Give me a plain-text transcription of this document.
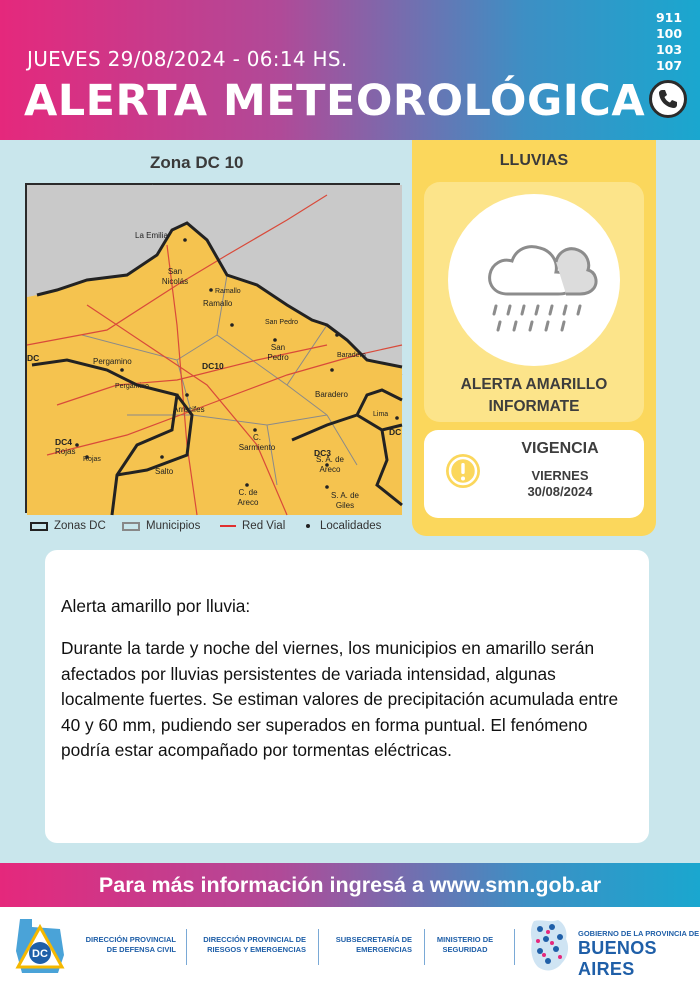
JUEVES 29/08/2024 - 06:14 HS.
ALERTA METEOROLÓGICA
911
100
103
107
Zona DC 10
La Emilia
San Nicolás
Ramallo
Ramallo
San Pedro
San Pedro
Pergamino
Pergamino
DC10
Baradero
Baradero
Arrecifes
C. Sarmiento
Lima
DC
DC4
Rojas
Rojas
Salto
DC3
S. A. de Areco
C. de Areco
S. A. de Giles
DC
Zonas DC	Municipios	Red Vial	Localidades
LLUVIAS
ALERTA AMARILLO
INFORMATE
VIGENCIA
VIERNES
30/08/2024

Alerta amarillo por lluvia:

Durante la tarde y noche del viernes, los municipios en amarillo serán afectados por lluvias persistentes de variada intensidad, algunas localmente fuertes. Se estiman valores de precipitación acumulada entre 40 y 60 mm, pudiendo ser superados en forma puntual. El fenómeno podría estar acompañado por tormentas eléctricas.

Para más información ingresá a www.smn.gob.ar
DC
DIRECCIÓN PROVINCIAL
DE DEFENSA CIVIL
DIRECCIÓN PROVINCIAL DE
RIESGOS Y EMERGENCIAS
SUBSECRETARÍA DE
EMERGENCIAS
MINISTERIO DE
SEGURIDAD
GOBIERNO DE LA PROVINCIA DE
BUENOS AIRES
